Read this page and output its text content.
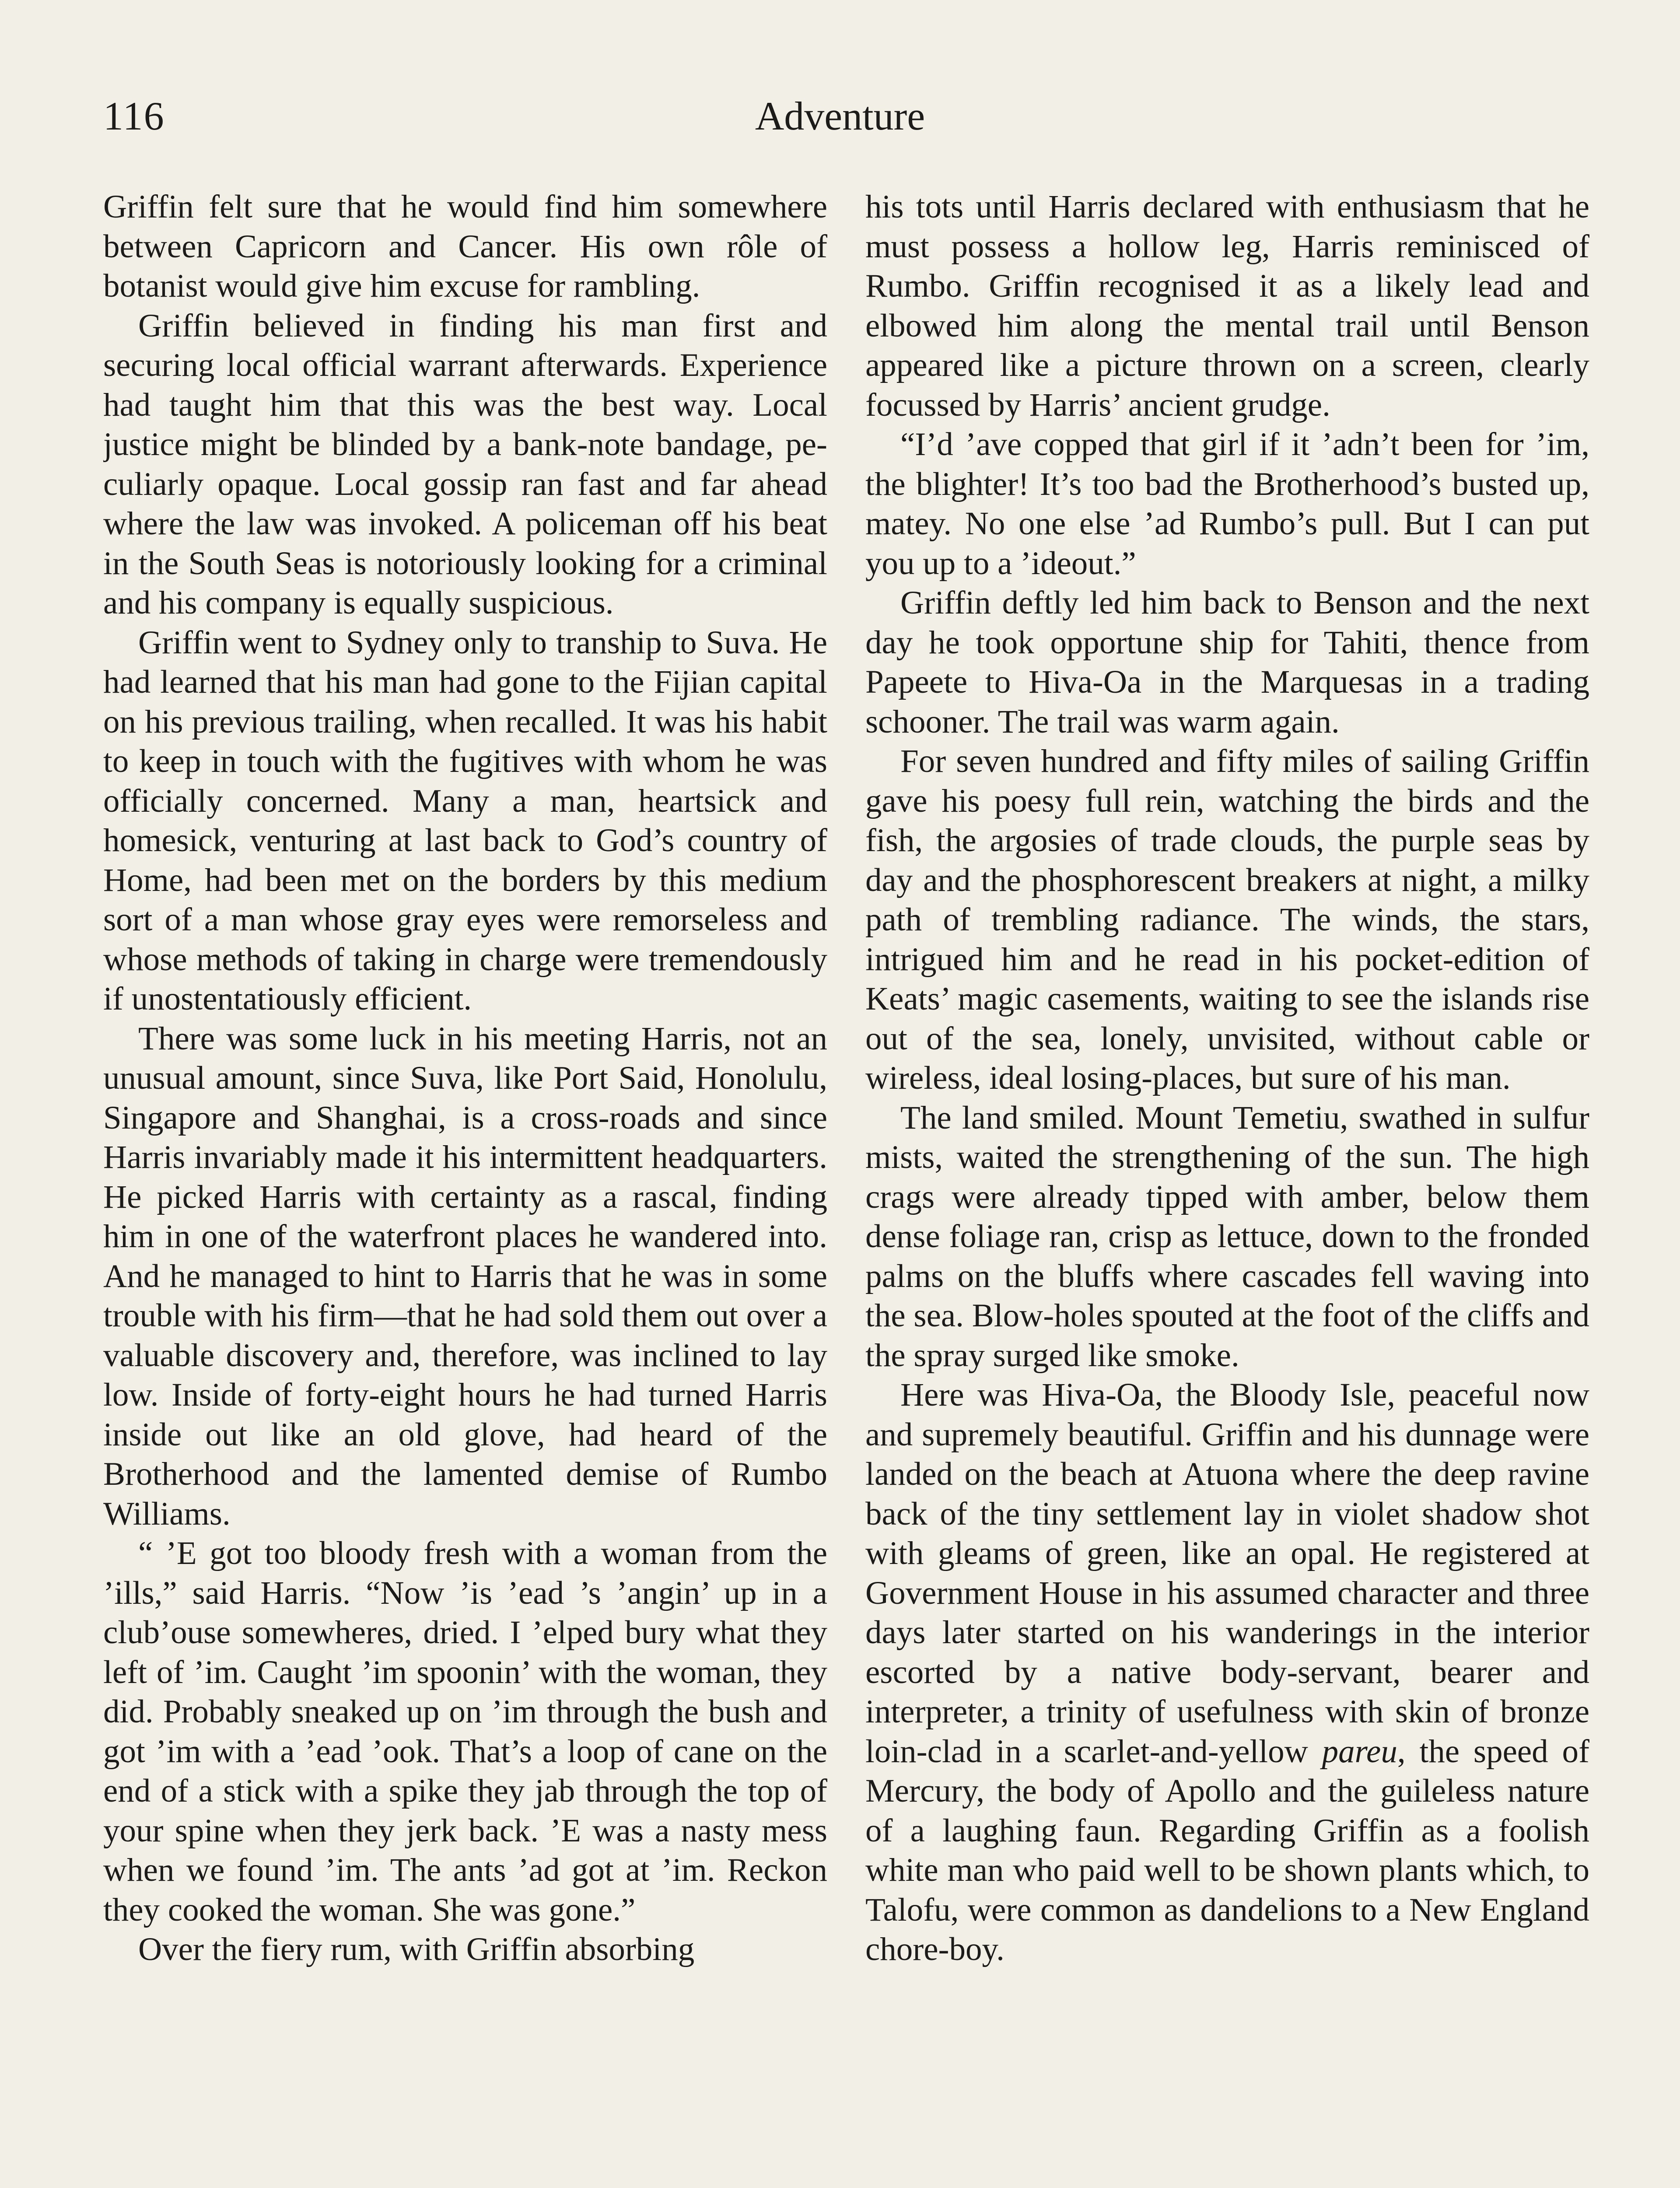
116	Adventure

Griffin felt sure that he would find him somewhere between Capricorn and Cancer. His own rôle of botanist would give him excuse for rambling.

Griffin believed in finding his man first and securing local official warrant afterwards. Experience had taught him that this was the best way. Local justice might be blinded by a bank-note bandage, peculiarly opaque. Local gossip ran fast and far ahead where the law was invoked. A policeman off his beat in the South Seas is notoriously looking for a criminal and his company is equally suspicious.

Griffin went to Sydney only to tranship to Suva. He had learned that his man had gone to the Fijian capital on his previous trailing, when recalled. It was his habit to keep in touch with the fugitives with whom he was officially concerned. Many a man, heartsick and homesick, venturing at last back to God’s country of Home, had been met on the borders by this medium sort of a man whose gray eyes were remorseless and whose methods of taking in charge were tremendously if unostentatiously efficient.

There was some luck in his meeting Harris, not an unusual amount, since Suva, like Port Said, Honolulu, Singapore and Shanghai, is a cross-roads and since Harris invariably made it his intermittent headquarters. He picked Harris with certainty as a rascal, finding him in one of the waterfront places he wandered into. And he managed to hint to Harris that he was in some trouble with his firm—that he had sold them out over a valuable discovery and, therefore, was inclined to lay low. Inside of forty-eight hours he had turned Harris inside out like an old glove, had heard of the Brotherhood and the lamented demise of Rumbo Williams.

“ ’E got too bloody fresh with a woman from the ’ills,” said Harris. “Now ’is ’ead ’s ’angin’ up in a club’ouse somewheres, dried. I ’elped bury what they left of ’im. Caught ’im spoonin’ with the woman, they did. Probably sneaked up on ’im through the bush and got ’im with a ’ead ’ook. That’s a loop of cane on the end of a stick with a spike they jab through the top of your spine when they jerk back. ’E was a nasty mess when we found ’im. The ants ’ad got at ’im. Reckon they cooked the woman. She was gone.”

Over the fiery rum, with Griffin absorbing

his tots until Harris declared with enthusiasm that he must possess a hollow leg, Harris reminisced of Rumbo. Griffin recognised it as a likely lead and elbowed him along the mental trail until Benson appeared like a picture thrown on a screen, clearly focussed by Harris’ ancient grudge.

“I’d ’ave copped that girl if it ’adn’t been for ’im, the blighter! It’s too bad the Brotherhood’s busted up, matey. No one else ’ad Rumbo’s pull. But I can put you up to a ’ideout.”

Griffin deftly led him back to Benson and the next day he took opportune ship for Tahiti, thence from Papeete to Hiva-Oa in the Marquesas in a trading schooner. The trail was warm again.

For seven hundred and fifty miles of sailing Griffin gave his poesy full rein, watching the birds and the fish, the argosies of trade clouds, the purple seas by day and the phosphorescent breakers at night, a milky path of trembling radiance. The winds, the stars, intrigued him and he read in his pocket-edition of Keats’ magic casements, waiting to see the islands rise out of the sea, lonely, unvisited, without cable or wireless, ideal losing-places, but sure of his man.

The land smiled. Mount Temetiu, swathed in sulfur mists, waited the strengthening of the sun. The high crags were already tipped with amber, below them dense foliage ran, crisp as lettuce, down to the fronded palms on the bluffs where cascades fell waving into the sea. Blow-holes spouted at the foot of the cliffs and the spray surged like smoke.

Here was Hiva-Oa, the Bloody Isle, peaceful now and supremely beautiful. Griffin and his dunnage were landed on the beach at Atuona where the deep ravine back of the tiny settlement lay in violet shadow shot with gleams of green, like an opal. He registered at Government House in his assumed character and three days later started on his wanderings in the interior escorted by a native body-servant, bearer and interpreter, a trinity of usefulness with skin of bronze loin-clad in a scarlet-and-yellow pareu, the speed of Mercury, the body of Apollo and the guileless nature of a laughing faun. Regarding Griffin as a foolish white man who paid well to be shown plants which, to Talofu, were common as dandelions to a New England chore-boy.
